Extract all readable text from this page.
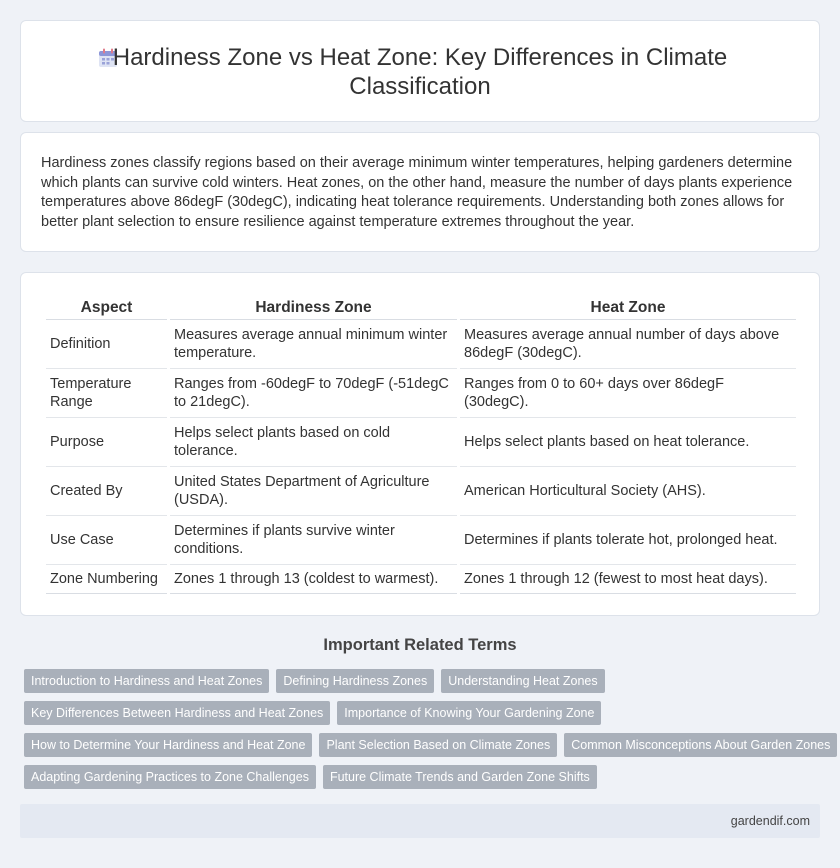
Hardiness Zone vs Heat Zone: Key Differences in Climate Classification

Hardiness zones classify regions based on their average minimum winter temperatures, helping gardeners determine which plants can survive cold winters. Heat zones, on the other hand, measure the number of days plants experience temperatures above 86degF (30degC), indicating heat tolerance requirements. Understanding both zones allows for better plant selection to ensure resilience against temperature extremes throughout the year.

Aspect	Hardiness Zone	Heat Zone
Definition	Measures average annual minimum winter temperature.	Measures average annual number of days above 86degF (30degC).
Temperature Range	Ranges from -60degF to 70degF (-51degC to 21degC).	Ranges from 0 to 60+ days over 86degF (30degC).
Purpose	Helps select plants based on cold tolerance.	Helps select plants based on heat tolerance.
Created By	United States Department of Agriculture (USDA).	American Horticultural Society (AHS).
Use Case	Determines if plants survive winter conditions.	Determines if plants tolerate hot, prolonged heat.
Zone Numbering	Zones 1 through 13 (coldest to warmest).	Zones 1 through 12 (fewest to most heat days).
Important Related Terms
Introduction to Hardiness and Heat Zones	Defining Hardiness Zones	Understanding Heat Zones
Key Differences Between Hardiness and Heat Zones	Importance of Knowing Your Gardening Zone
How to Determine Your Hardiness and Heat Zone	Plant Selection Based on Climate Zones	Common Misconceptions About Garden Zones
Adapting Gardening Practices to Zone Challenges	Future Climate Trends and Garden Zone Shifts
gardendif.com
